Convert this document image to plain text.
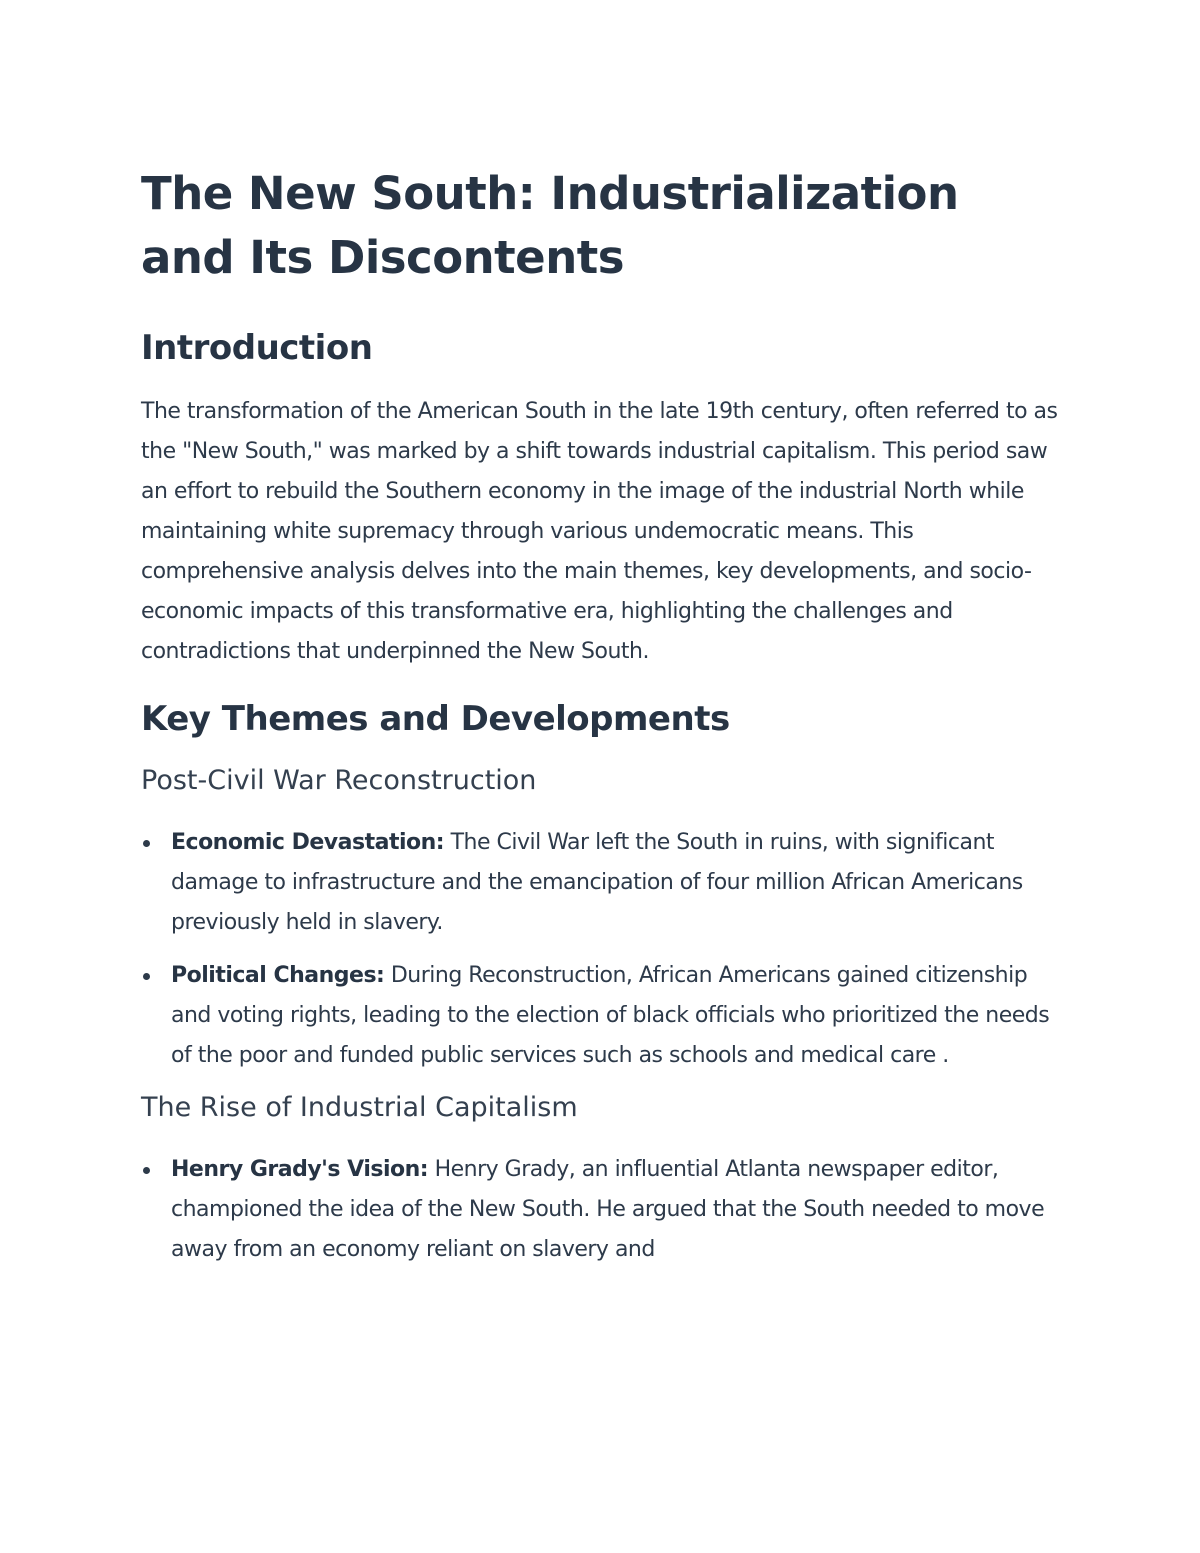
The New South: Industrialization and Its Discontents
Introduction

The transformation of the American South in the late 19th century, often referred to as the "New South," was marked by a shift towards industrial capitalism. This period saw an effort to rebuild the Southern economy in the image of the industrial North while maintaining white supremacy through various undemocratic means. This comprehensive analysis delves into the main themes, key developments, and socio-economic impacts of this transformative era, highlighting the challenges and contradictions that underpinned the New South.

Key Themes and Developments
Post-Civil War Reconstruction
Economic Devastation: The Civil War left the South in ruins, with significant damage to infrastructure and the emancipation of four million African Americans previously held in slavery.
Political Changes: During Reconstruction, African Americans gained citizenship and voting rights, leading to the election of black officials who prioritized the needs of the poor and funded public services such as schools and medical care .
The Rise of Industrial Capitalism
Henry Grady's Vision: Henry Grady, an influential Atlanta newspaper editor, championed the idea of the New South. He argued that the South needed to move away from an economy reliant on slavery and
